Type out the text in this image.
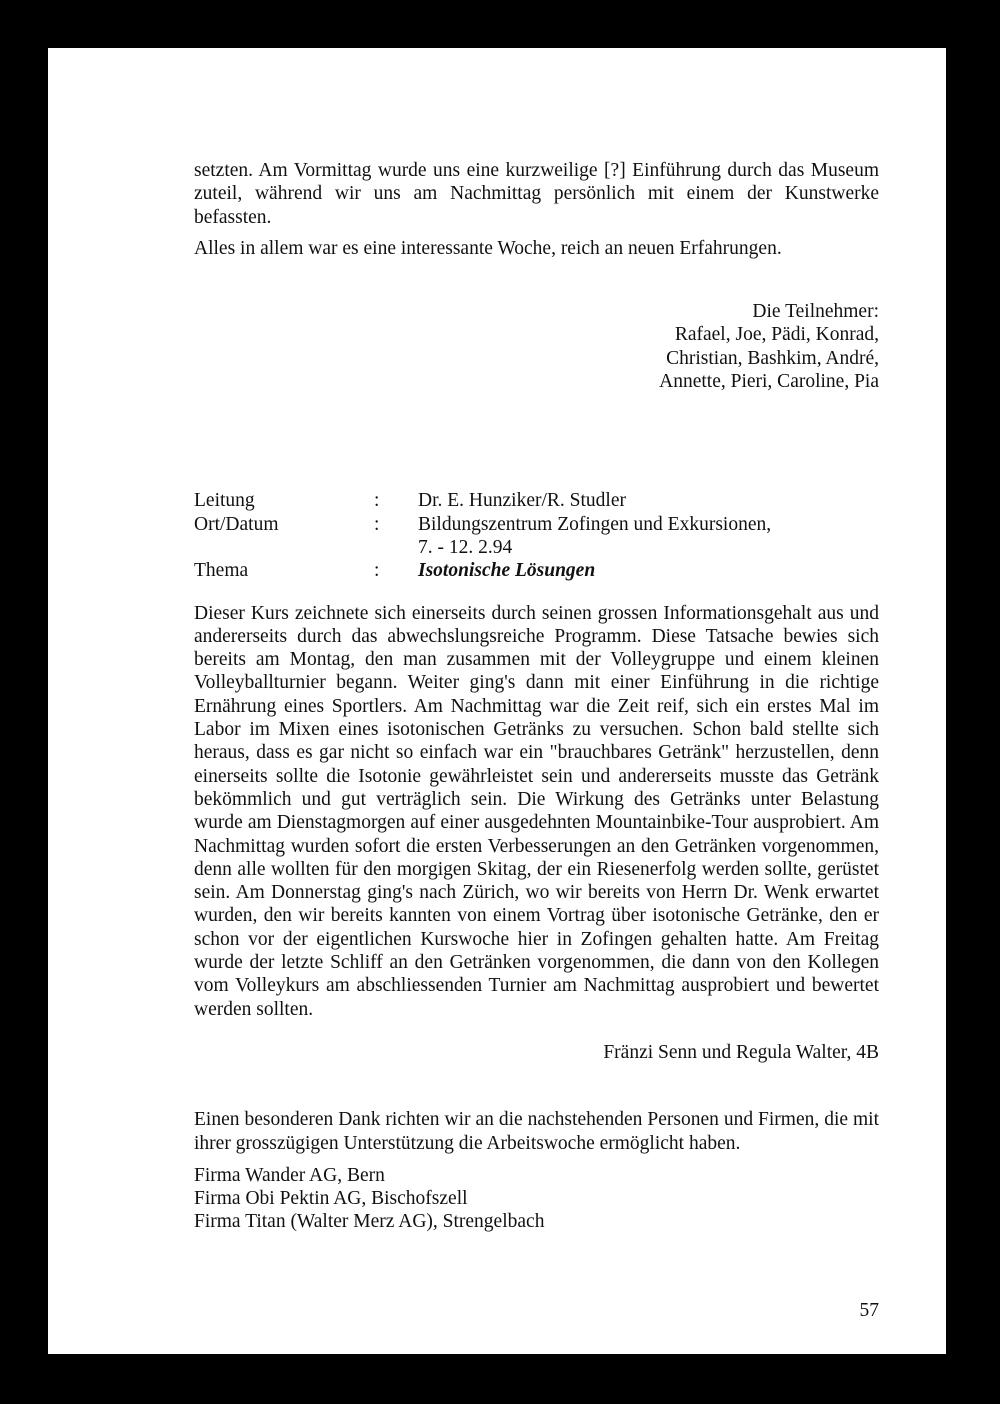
setzten. Am Vormittag wurde uns eine kurzweilige [?] Einführung durch das Museum zuteil, während wir uns am Nachmittag persönlich mit einem der Kunstwerke befassten.

Alles in allem war es eine interessante Woche, reich an neuen Erfahrungen.

Die Teilnehmer:
Rafael, Joe, Pädi, Konrad,
Christian, Bashkim, André,
Annette, Pieri, Caroline, Pia
Leitung	:	Dr. E. Hunziker/R. Studler
Ort/Datum	:	Bildungszentrum Zofingen und Exkursionen,
7. - 12. 2.94
Thema	:	Isotonische Lösungen

Dieser Kurs zeichnete sich einerseits durch seinen grossen Informationsgehalt aus und andererseits durch das abwechslungsreiche Programm. Diese Tatsache bewies sich bereits am Montag, den man zusammen mit der Volleygruppe und einem kleinen Volleyballturnier begann. Weiter ging's dann mit einer Einführung in die richtige Ernährung eines Sportlers. Am Nachmittag war die Zeit reif, sich ein erstes Mal im Labor im Mixen eines isotonischen Getränks zu versuchen. Schon bald stellte sich heraus, dass es gar nicht so einfach war ein "brauchbares Getränk" herzustellen, denn einerseits sollte die Isotonie gewährleistet sein und andererseits musste das Getränk bekömmlich und gut verträglich sein. Die Wirkung des Getränks unter Belastung wurde am Dienstagmorgen auf einer ausgedehnten Mountainbike-Tour ausprobiert. Am Nachmittag wurden sofort die ersten Verbesserungen an den Getränken vorgenommen, denn alle wollten für den morgigen Skitag, der ein Riesenerfolg werden sollte, gerüstet sein. Am Donnerstag ging's nach Zürich, wo wir bereits von Herrn Dr. Wenk erwartet wurden, den wir bereits kannten von einem Vortrag über isotonische Getränke, den er schon vor der eigentlichen Kurswoche hier in Zofingen gehalten hatte. Am Freitag wurde der letzte Schliff an den Getränken vorgenommen, die dann von den Kollegen vom Volleykurs am abschliessenden Turnier am Nachmittag ausprobiert und bewertet werden sollten.

Fränzi Senn und Regula Walter, 4B

Einen besonderen Dank richten wir an die nachstehenden Personen und Firmen, die mit ihrer grosszügigen Unterstützung die Arbeitswoche ermöglicht haben.

Firma Wander AG, Bern
Firma Obi Pektin AG, Bischofszell
Firma Titan (Walter Merz AG), Strengelbach
57
